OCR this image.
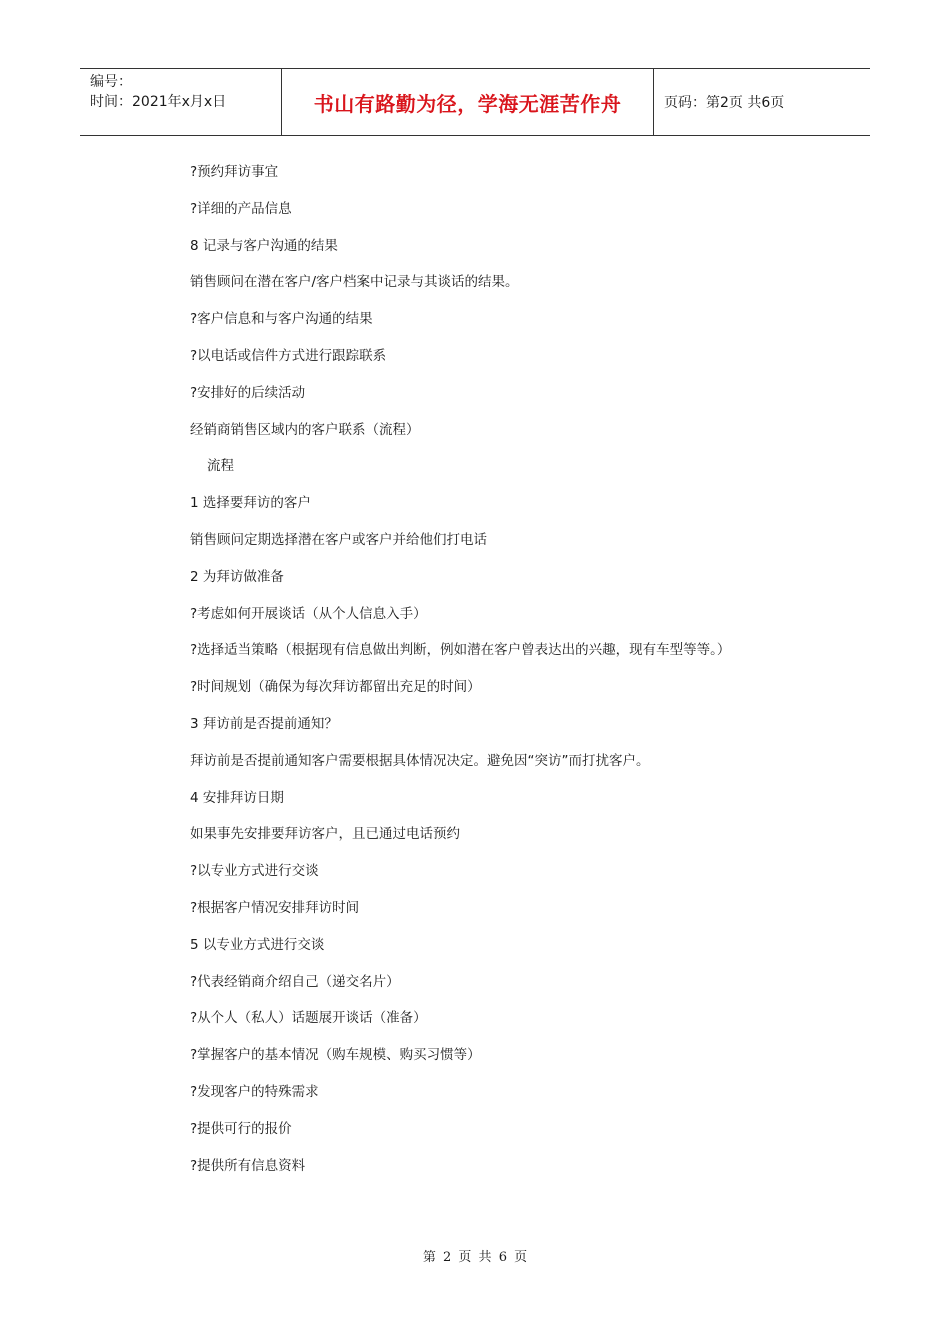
编号：
时间：2021年x月x日	书山有路勤为径，学海无涯苦作舟	页码：第2页 共6页
?预约拜访事宜
?详细的产品信息
8 记录与客户沟通的结果
销售顾问在潜在客户/客户档案中记录与其谈话的结果。
?客户信息和与客户沟通的结果
?以电话或信件方式进行跟踪联系
?安排好的后续活动
经销商销售区域内的客户联系（流程）
流程
1 选择要拜访的客户
销售顾问定期选择潜在客户或客户并给他们打电话
2 为拜访做准备
?考虑如何开展谈话（从个人信息入手）
?选择适当策略（根据现有信息做出判断，例如潜在客户曾表达出的兴趣，现有车型等等。）
?时间规划（确保为每次拜访都留出充足的时间）
3 拜访前是否提前通知？
拜访前是否提前通知客户需要根据具体情况决定。避免因“突访”而打扰客户。
4 安排拜访日期
如果事先安排要拜访客户，且已通过电话预约
?以专业方式进行交谈
?根据客户情况安排拜访时间
5 以专业方式进行交谈
?代表经销商介绍自己（递交名片）
?从个人（私人）话题展开谈话（准备）
?掌握客户的基本情况（购车规模、购买习惯等）
?发现客户的特殊需求
?提供可行的报价
?提供所有信息资料
第 2 页 共 6 页
